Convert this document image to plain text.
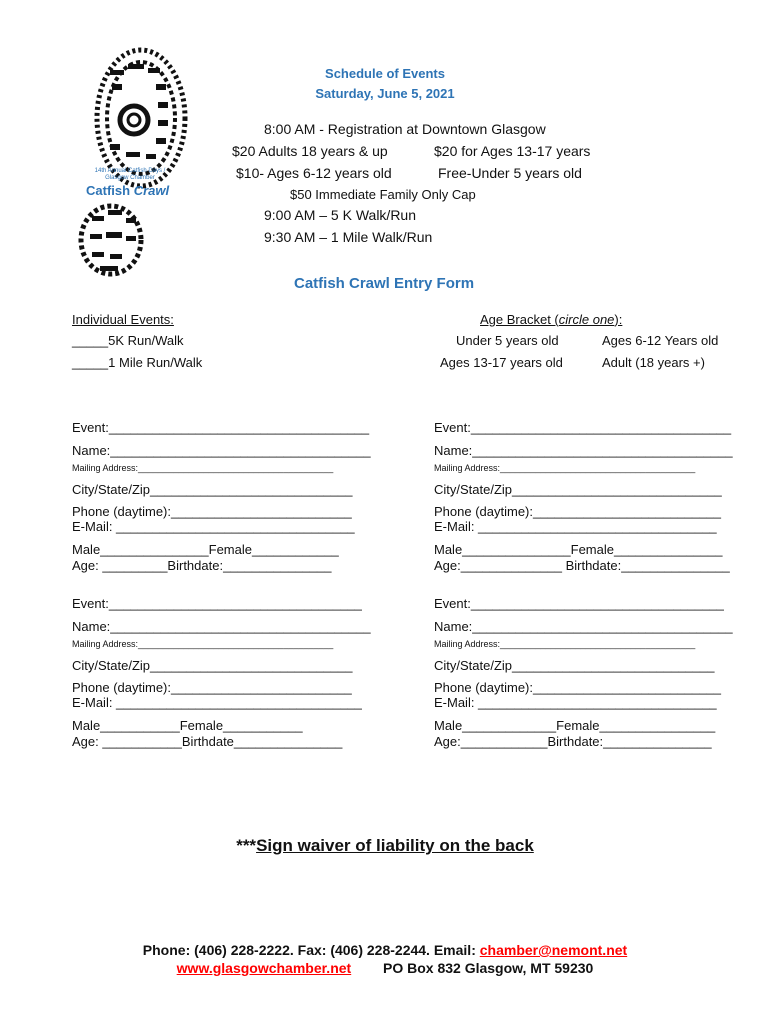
14th Annual Catfish Days / Glasgow Chamber
Catfish Crawl
Schedule of Events
Saturday, June 5, 2021
8:00 AM - Registration at Downtown Glasgow
$20 Adults 18 years & up	$20 for Ages 13-17 years
$10- Ages 6-12 years old	Free-Under 5 years old
$50 Immediate Family Only Cap
9:00 AM – 5 K Walk/Run
9:30 AM – 1 Mile Walk/Run
Catfish Crawl Entry Form
Individual Events:
_____5K Run/Walk
_____1 Mile Run/Walk
Age Bracket (circle one):
Under 5 years old	Ages 6-12 Years old
Ages 13-17 years old	Adult (18 years +)
Event:____________________________________
Name:____________________________________
Mailing Address:_______________________________________
City/State/Zip____________________________
Phone (daytime):_________________________
E-Mail: _________________________________
Male_______________Female____________
Age: _________Birthdate:_______________
Event:____________________________________
Name:____________________________________
Mailing Address:_______________________________________
City/State/Zip_____________________________
Phone (daytime):__________________________
E-Mail: _________________________________
Male_______________Female_______________
Age:______________ Birthdate:_______________
Event:___________________________________
Name:____________________________________
Mailing Address:_______________________________________
City/State/Zip____________________________
Phone (daytime):_________________________
E-Mail: __________________________________
Male___________Female___________
Age: ___________Birthdate_______________
Event:___________________________________
Name:____________________________________
Mailing Address:_______________________________________
City/State/Zip____________________________
Phone (daytime):__________________________
E-Mail: _________________________________
Male_____________Female________________
Age:____________Birthdate:_______________
***Sign waiver of liability on the back
Phone: (406) 228-2222. Fax: (406) 228-2244. Email: chamber@nemont.net
www.glasgowchamber.net PO Box 832 Glasgow, MT 59230
